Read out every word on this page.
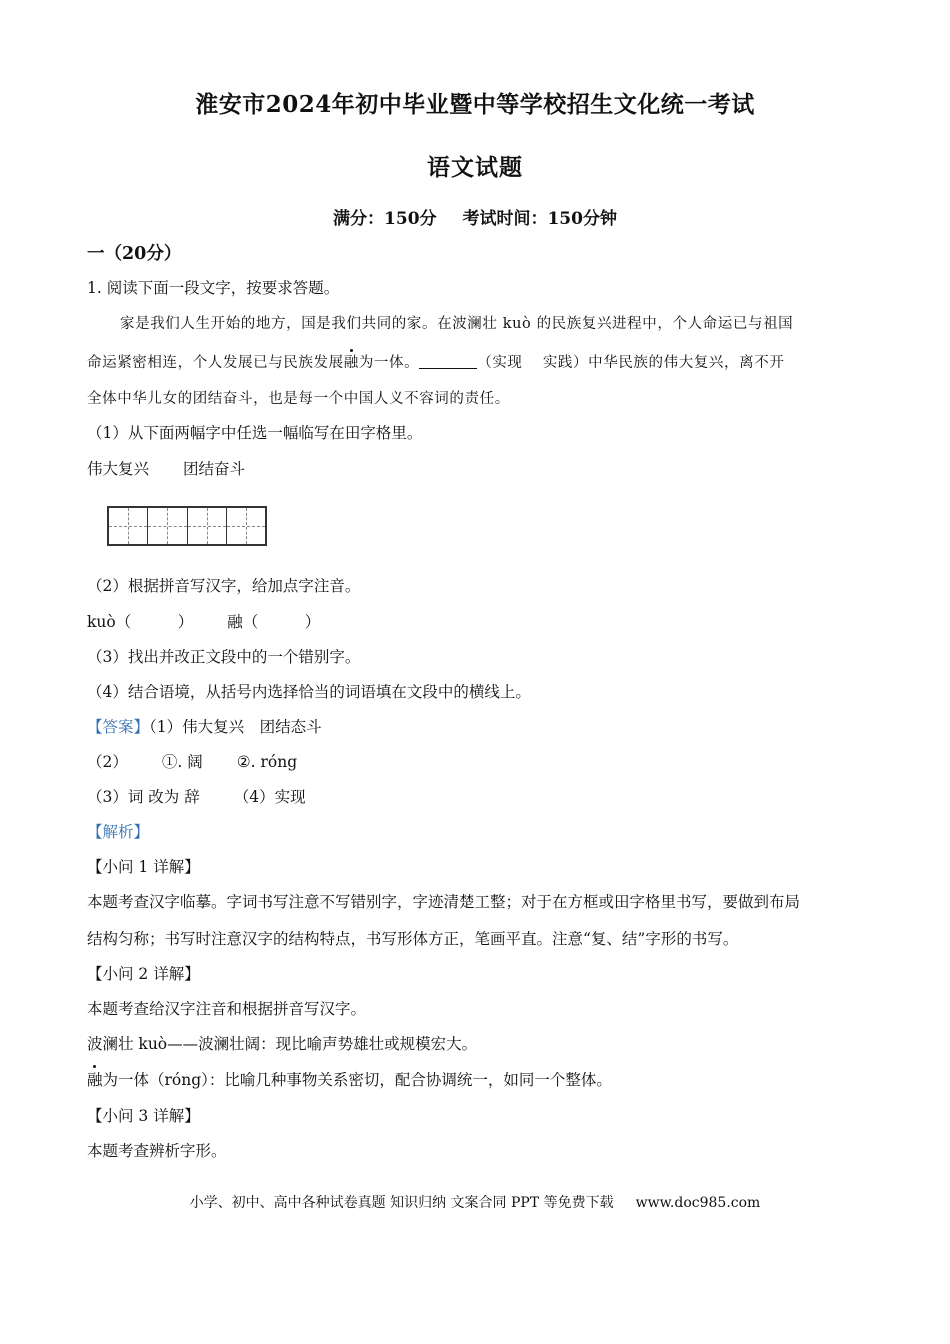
淮安市2024年初中毕业暨中等学校招生文化统一考试
语文试题
满分：150分 考试时间：150分钟
一（20分）
1. 阅读下面一段文字，按要求答题。
家是我们人生开始的地方，国是我们共同的家。在波澜壮 kuò 的民族复兴进程中，个人命运已与祖国
命运紧密相连，个人发展已与民族发展融为一体。	（实现　 实践）中华民族的伟大复兴，离不开
全体中华儿女的团结奋斗，也是每一个中国人义不容词的责任。
（1）从下面两幅字中任选一幅临写在田字格里。
伟大复兴 团结奋斗
（2）根据拼音写汉字，给加点字注音。
kuò（　　　） 融（　　　）
（3）找出并改正文段中的一个错别字。
（4）结合语境，从括号内选择恰当的词语填在文段中的横线上。
【答案】（1）伟大复兴　团结态斗
（2） ①. 阔 ②. róng
（3）词 改为 辞 （4）实现
【解析】
【小问 1 详解】
本题考查汉字临摹。字词书写注意不写错别字，字迹清楚工整；对于在方框或田字格里书写，要做到布局
结构匀称；书写时注意汉字的结构特点，书写形体方正，笔画平直。注意“复、结”字形的书写。
【小问 2 详解】
本题考查给汉字注音和根据拼音写汉字。
波澜壮 kuò——波澜壮阔：现比喻声势雄壮或规模宏大。
融为一体（róng）：比喻几种事物关系密切，配合协调统一，如同一个整体。
【小问 3 详解】
本题考查辨析字形。
小学、初中、高中各种试卷真题 知识归纳 文案合同 PPT 等免费下载 www.doc985.com
